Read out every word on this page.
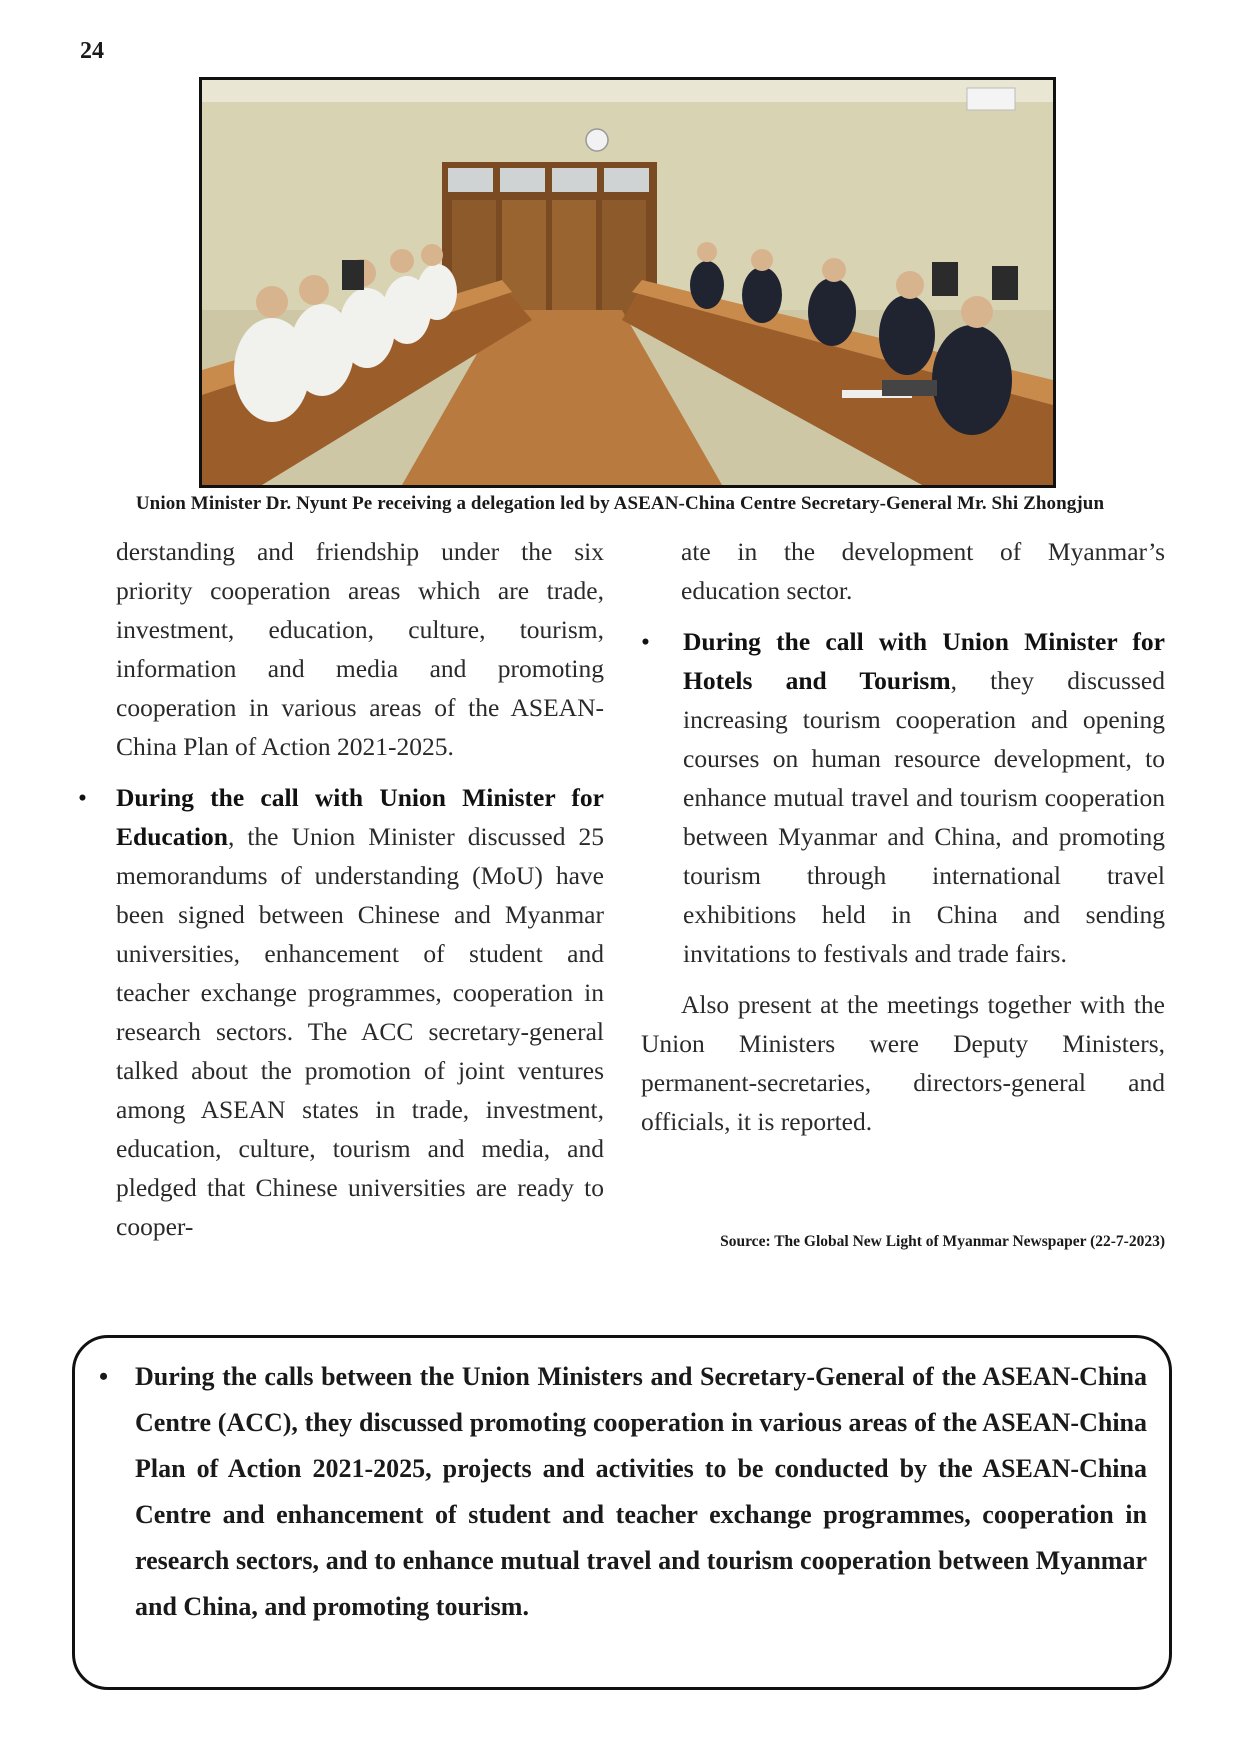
24
Union Minister Dr. Nyunt Pe receiving a delegation led by ASEAN-China Centre Secretary-General Mr. Shi Zhongjun

derstanding and friendship under the six priority cooperation areas which are trade, investment, education, culture, tourism, information and media and promoting cooperation in various areas of the ASEAN-China Plan of Action 2021-2025.

• During the call with Union Minister for Education, the Union Minister discussed 25 memorandums of understanding (MoU) have been signed between Chinese and Myanmar universities, enhancement of student and teacher exchange programmes, cooperation in research sectors. The ACC secretary-general talked about the promotion of joint ventures among ASEAN states in trade, investment, education, culture, tourism and media, and pledged that Chinese universities are ready to cooper-

ate in the development of Myanmar’s education sector.

• During the call with Union Minister for Hotels and Tourism, they discussed increasing tourism cooperation and opening courses on human resource development, to enhance mutual travel and tourism cooperation between Myanmar and China, and promoting tourism through international travel exhibitions held in China and sending invitations to festivals and trade fairs.

Also present at the meetings together with the Union Ministers were Deputy Ministers, permanent-secretaries, directors-general and officials, it is reported.

Source: The Global New Light of Myanmar Newspaper (22-7-2023)
• During the calls between the Union Ministers and Secretary-General of the ASEAN-China Centre (ACC), they discussed promoting cooperation in various areas of the ASEAN-China Plan of Action 2021-2025, projects and activities to be conducted by the ASEAN-China Centre and enhancement of student and teacher exchange programmes, cooperation in research sectors, and to enhance mutual travel and tourism cooperation between Myanmar and China, and promoting tourism.
